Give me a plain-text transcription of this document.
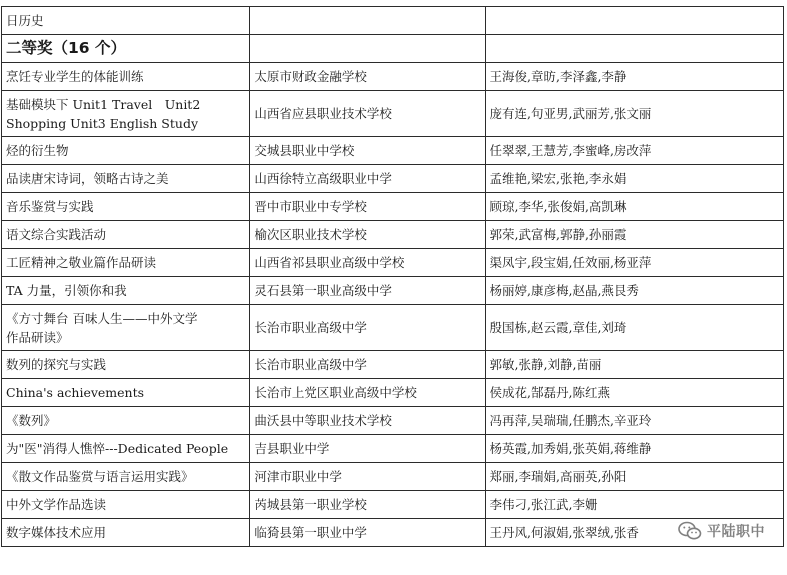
日历史		
二等奖（16 个）		
烹饪专业学生的体能训练	太原市财政金融学校	王海俊,章昉,李泽鑫,李静

基础模块下 Unit1 Travel　Unit2
Shopping Unit3 English Study	山西省应县职业技术学校	庞有连,句亚男,武丽芳,张文丽
烃的衍生物	交城县职业中学校	任翠翠,王慧芳,李蜜峰,房改萍
品读唐宋诗词，领略古诗之美	山西徐特立高级职业中学	孟维艳,梁宏,张艳,李永娟
音乐鉴赏与实践	晋中市职业中专学校	顾琼,李华,张俊娟,高凯琳
语文综合实践活动	榆次区职业技术学校	郭荣,武富梅,郭静,孙丽霞
工匠精神之敬业篇作品研读	山西省祁县职业高级中学校	渠凤宇,段宝娟,任效丽,杨亚萍
TA 力量，引领你和我	灵石县第一职业高级中学	杨丽婷,康彦梅,赵晶,燕艮秀

《方寸舞台 百味人生——中外文学
作品研读》	长治市职业高级中学	殷国栋,赵云霞,章佳,刘琦
数列的探究与实践	长治市职业高级中学	郭敏,张静,刘静,苗丽
China's achievements	长治市上党区职业高级中学校	侯成花,郜磊丹,陈红燕
《数列》	曲沃县中等职业技术学校	冯再萍,吴瑞瑞,任鹏杰,辛亚玲
为"医"消得人憔悴---Dedicated People	吉县职业中学	杨英霞,加秀娟,张英娟,蒋维静
《散文作品鉴赏与语言运用实践》	河津市职业中学	郑丽,李瑞娟,高丽英,孙阳
中外文学作品选读	芮城县第一职业学校	李伟刁,张江武,李姗
数字媒体技术应用	临猗县第一职业中学	王丹风,何淑娟,张翠绒,张香	平陆职中
